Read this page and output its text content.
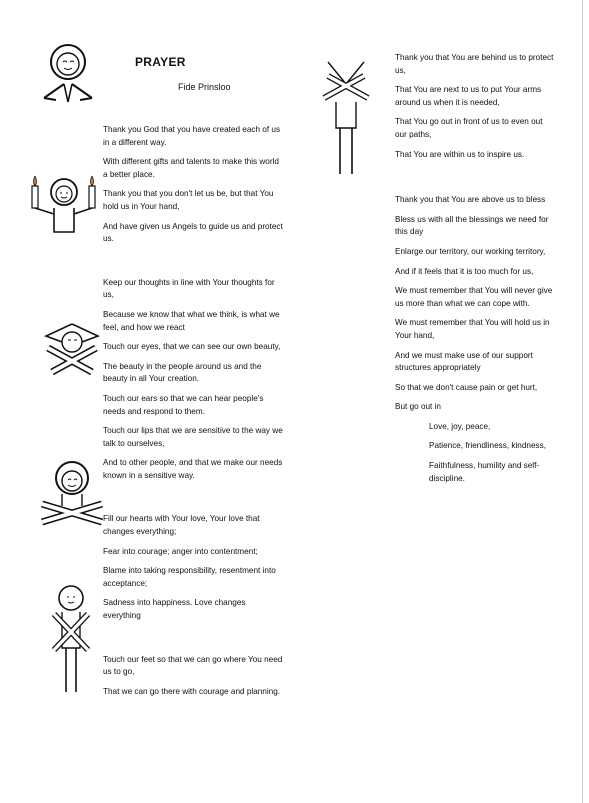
PRAYER
Fide Prinsloo

Thank you God that you have created each of us in a different way.

With different gifts and talents to make this world a better place.

Thank you that you don't let us be, but that You hold us in Your hand,

And have given us Angels to guide us and protect us.

Keep our thoughts in line with Your thoughts for us,

Because we know that what we think, is what we feel, and how we react

Touch our eyes, that we can see our own beauty,

The beauty in the people around us and the beauty in all Your creation.

Touch our ears so that we can hear people's needs and respond to them.

Touch our lips that we are sensitive to the way we talk to ourselves,

And to other people, and that we make our needs known in a sensitive way.

Fill our hearts with Your love, Your love that changes everything;

Fear into courage; anger into contentment;

Blame into taking responsibility, resentment into acceptance;

Sadness into happiness. Love changes everything

Touch our feet so that we can go where You need us to go,

That we can go there with courage and planning.

Thank you that You are behind us to protect us,

That You are next to us to put Your arms around us when it is needed,

That You go out in front of us to even out our paths,

That You are within us to inspire us.

Thank you that You are above us to bless

Bless us with all the blessings we need for this day

Enlarge our territory, our working territory,

And if it feels that it is too much for us,

We must remember that You will never give us more than what we can cope with.

We must remember that You will hold us in Your hand,

And we must make use of our support structures appropriately

So that we don't cause pain or get hurt,

But go out in

Love, joy, peace,

Patience, friendliness, kindness,

Faithfulness, humility and self-discipline.
